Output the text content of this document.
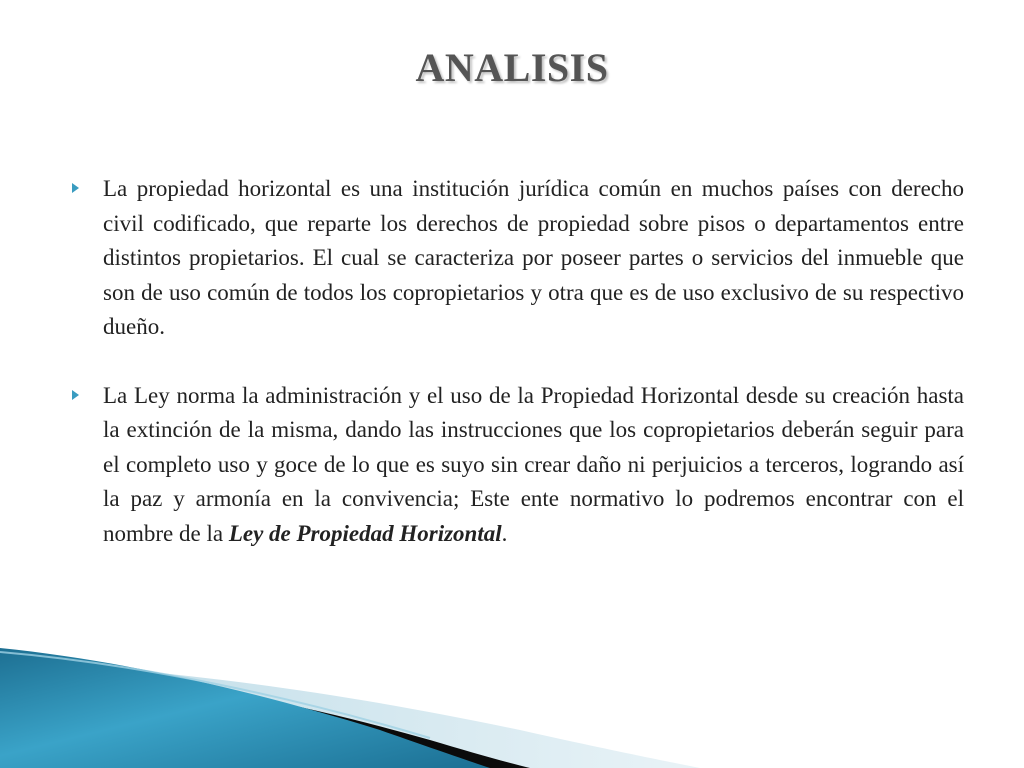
ANALISIS
La propiedad horizontal es una institución jurídica común en muchos países con derecho civil codificado, que reparte los derechos de propiedad sobre pisos o departamentos entre distintos propietarios. El cual se caracteriza por poseer partes o servicios del inmueble que son de uso común de todos los copropietarios y otra que es de uso exclusivo de su respectivo dueño.
La Ley norma la administración y el uso de la Propiedad Horizontal desde su creación hasta la extinción de la misma, dando las instrucciones que los copropietarios deberán seguir para el completo uso y goce de lo que es suyo sin crear daño ni perjuicios a terceros, logrando así la paz y armonía en la convivencia; Este ente normativo lo podremos encontrar con el nombre de la Ley de Propiedad Horizontal.
